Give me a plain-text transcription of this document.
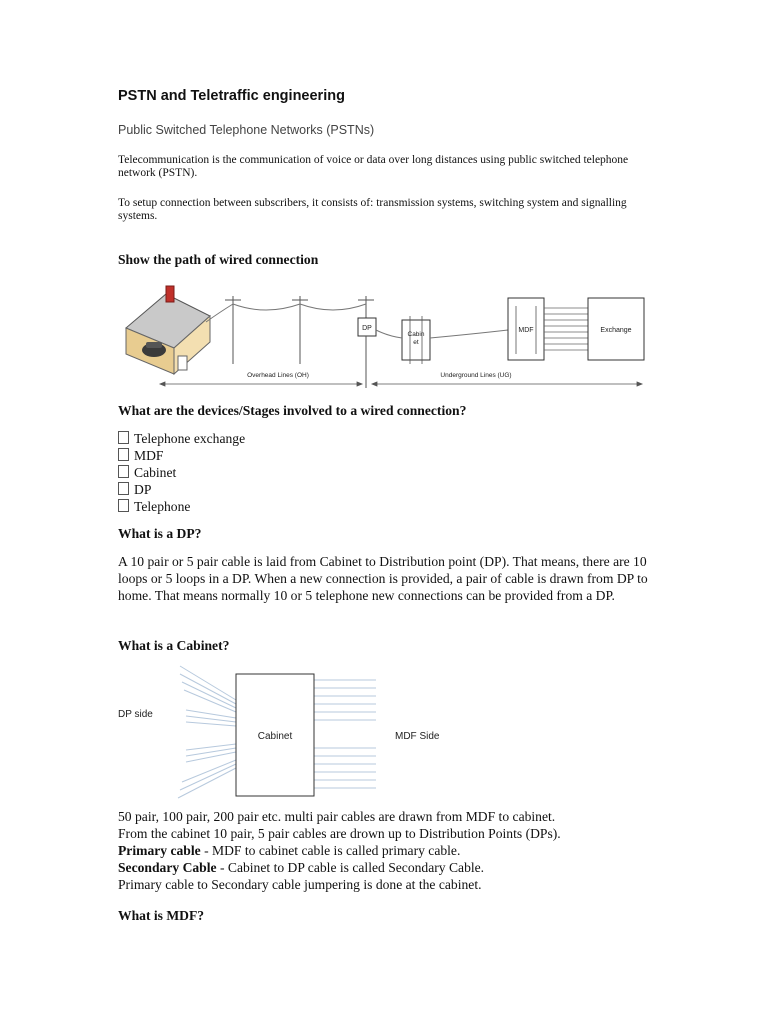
PSTN and Teletraffic engineering
Public Switched Telephone Networks (PSTNs)
Telecommunication is the communication of voice or data over long distances using public switched telephone network (PSTN).
To setup connection between subscribers, it consists of: transmission systems, switching system and signalling systems.
Show the path of wired connection
DP
Cabin
et
MDF	Exchange
Overhead Lines (OH)	Underground Lines (UG)
What are the devices/Stages involved to a wired connection?
Telephone exchange
MDF
Cabinet
DP
Telephone
What is a DP?
A 10 pair or 5 pair cable is laid from Cabinet to Distribution point (DP). That means, there are 10 loops or 5 loops in a DP. When a new connection is provided, a pair of cable is drawn from DP to home. That means normally 10 or 5 telephone new connections can be provided from a DP.
What is a Cabinet?
DP side
Cabinet	MDF Side
50 pair, 100 pair, 200 pair etc. multi pair cables are drawn from MDF to cabinet.
From the cabinet 10 pair, 5 pair cables are drown up to Distribution Points (DPs).
Primary cable - MDF to cabinet cable is called primary cable.
Secondary Cable - Cabinet to DP cable is called Secondary Cable.
Primary cable to Secondary cable jumpering is done at the cabinet.
What is MDF?
